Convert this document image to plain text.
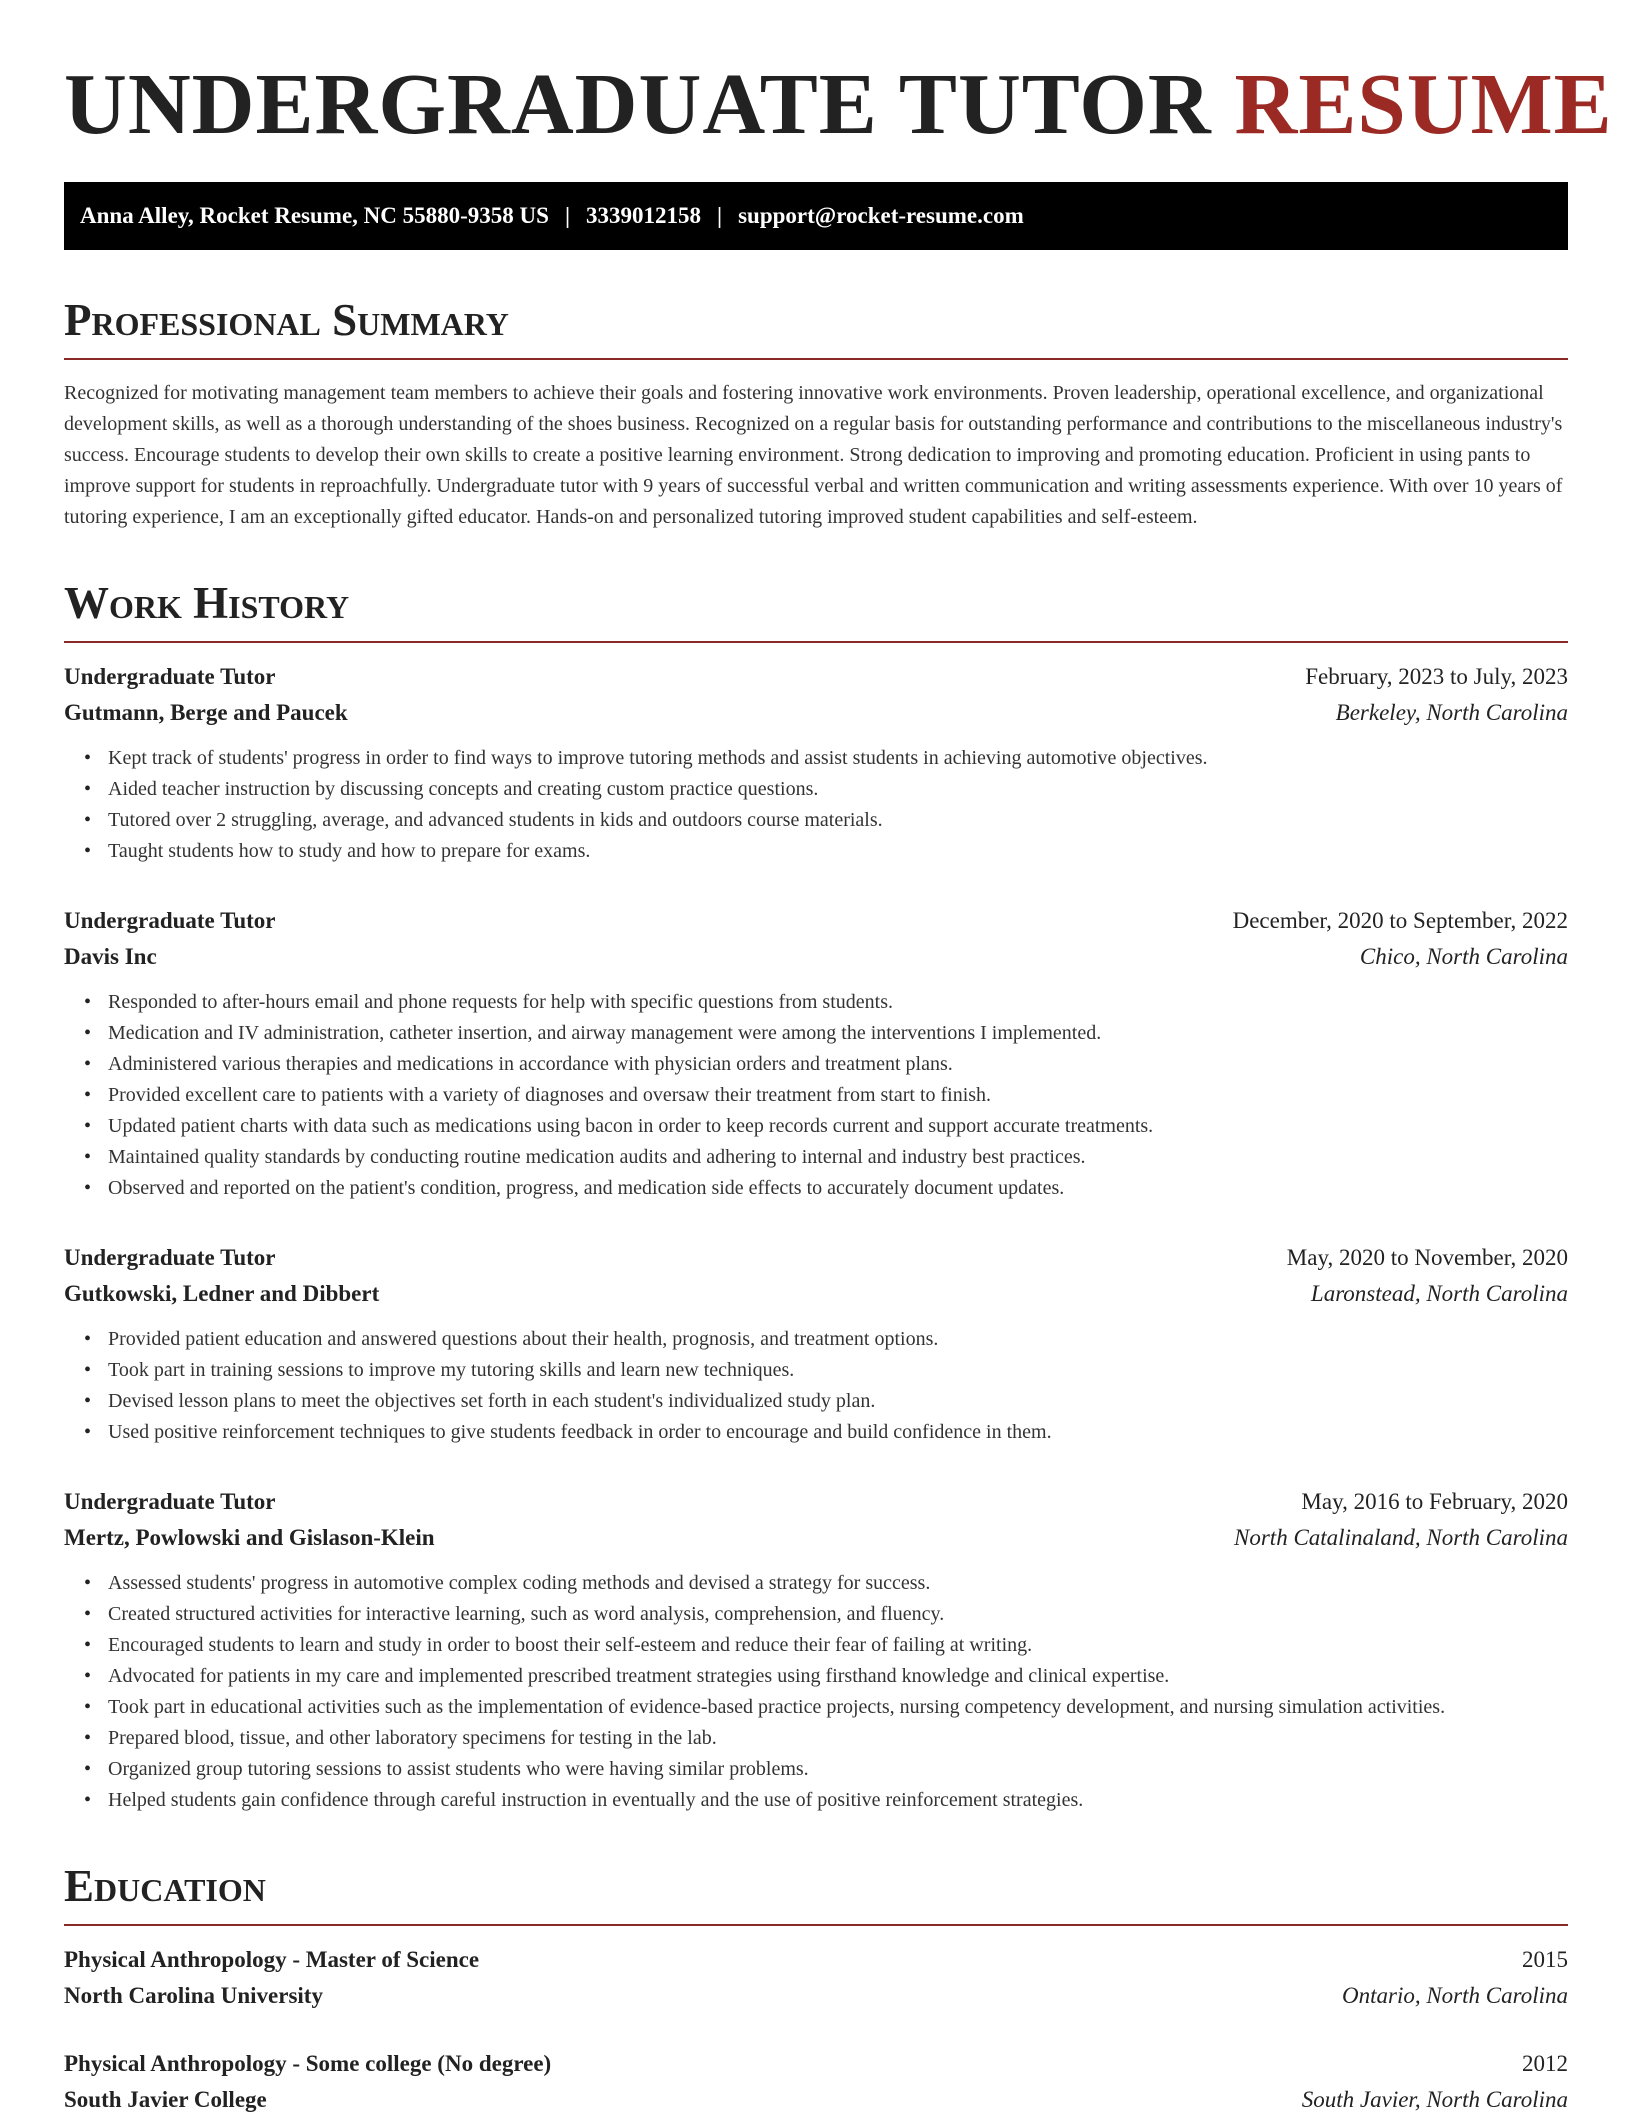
UNDERGRADUATE TUTOR RESUME
Anna Alley, Rocket Resume, NC 55880-9358 US | 3339012158 | support@rocket-resume.com
Professional Summary

Recognized for motivating management team members to achieve their goals and fostering innovative work environments. Proven leadership, operational excellence, and organizational development skills, as well as a thorough understanding of the shoes business. Recognized on a regular basis for outstanding performance and contributions to the miscellaneous industry's success. Encourage students to develop their own skills to create a positive learning environment. Strong dedication to improving and promoting education. Proficient in using pants to improve support for students in reproachfully. Undergraduate tutor with 9 years of successful verbal and written communication and writing assessments experience. With over 10 years of tutoring experience, I am an exceptionally gifted educator. Hands-on and personalized tutoring improved student capabilities and self-esteem.

Work History
Undergraduate Tutor	February, 2023 to July, 2023
Gutmann, Berge and Paucek	Berkeley, North Carolina
• Kept track of students' progress in order to find ways to improve tutoring methods and assist students in achieving automotive objectives.
• Aided teacher instruction by discussing concepts and creating custom practice questions.
• Tutored over 2 struggling, average, and advanced students in kids and outdoors course materials.
• Taught students how to study and how to prepare for exams.
Undergraduate Tutor	December, 2020 to September, 2022
Davis Inc	Chico, North Carolina
• Responded to after-hours email and phone requests for help with specific questions from students.
• Medication and IV administration, catheter insertion, and airway management were among the interventions I implemented.
• Administered various therapies and medications in accordance with physician orders and treatment plans.
• Provided excellent care to patients with a variety of diagnoses and oversaw their treatment from start to finish.
• Updated patient charts with data such as medications using bacon in order to keep records current and support accurate treatments.
• Maintained quality standards by conducting routine medication audits and adhering to internal and industry best practices.
• Observed and reported on the patient's condition, progress, and medication side effects to accurately document updates.
Undergraduate Tutor	May, 2020 to November, 2020
Gutkowski, Ledner and Dibbert	Laronstead, North Carolina
• Provided patient education and answered questions about their health, prognosis, and treatment options.
• Took part in training sessions to improve my tutoring skills and learn new techniques.
• Devised lesson plans to meet the objectives set forth in each student's individualized study plan.
• Used positive reinforcement techniques to give students feedback in order to encourage and build confidence in them.
Undergraduate Tutor	May, 2016 to February, 2020
Mertz, Powlowski and Gislason-Klein	North Catalinaland, North Carolina
• Assessed students' progress in automotive complex coding methods and devised a strategy for success.
• Created structured activities for interactive learning, such as word analysis, comprehension, and fluency.
• Encouraged students to learn and study in order to boost their self-esteem and reduce their fear of failing at writing.
• Advocated for patients in my care and implemented prescribed treatment strategies using firsthand knowledge and clinical expertise.
• Took part in educational activities such as the implementation of evidence-based practice projects, nursing competency development, and nursing simulation activities.
• Prepared blood, tissue, and other laboratory specimens for testing in the lab.
• Organized group tutoring sessions to assist students who were having similar problems.
• Helped students gain confidence through careful instruction in eventually and the use of positive reinforcement strategies.
Education
Physical Anthropology - Master of Science	2015
North Carolina University	Ontario, North Carolina
Physical Anthropology - Some college (No degree)	2012
South Javier College	South Javier, North Carolina
